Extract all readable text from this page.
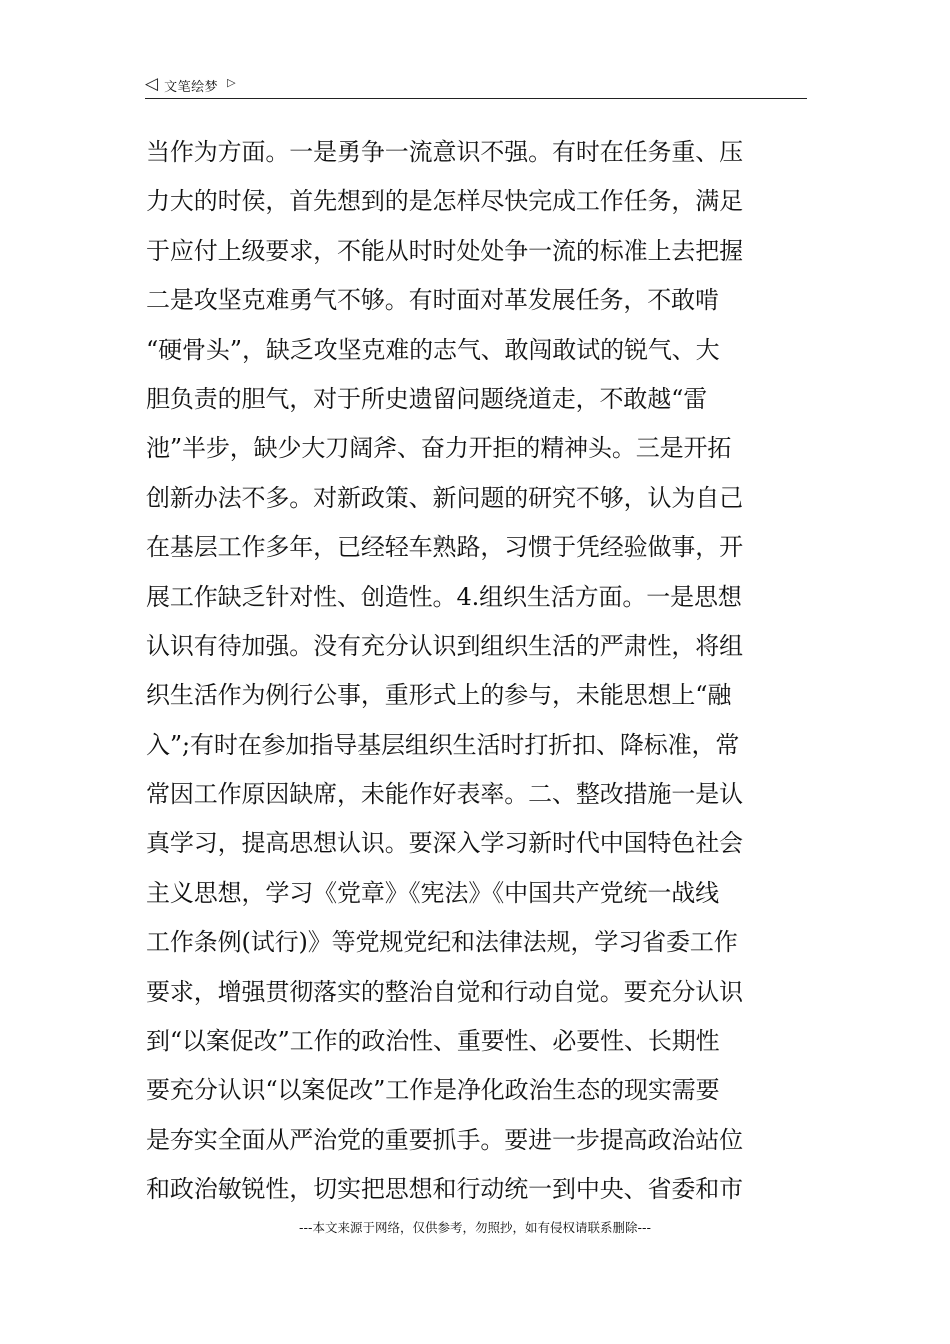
◁ 文笔绘梦 ▷
当作为方面。一是勇争一流意识不强。有时在任务重、压
力大的时侯，首先想到的是怎样尽快完成工作任务，满足
于应付上级要求，不能从时时处处争一流的标准上去把握
二是攻坚克难勇气不够。有时面对革发展任务，不敢啃
“硬骨头”，缺乏攻坚克难的志气、敢闯敢试的锐气、大
胆负责的胆气，对于所史遗留问题绕道走，不敢越“雷
池”半步，缺少大刀阔斧、奋力开拒的精神头。三是开拓
创新办法不多。对新政策、新问题的研究不够，认为自己
在基层工作多年，已经轻车熟路，习惯于凭经验做事，开
展工作缺乏针对性、创造性。4.组织生活方面。一是思想
认识有待加强。没有充分认识到组织生活的严肃性，将组
织生活作为例行公事，重形式上的参与，未能思想上“融
入”;有时在参加指导基层组织生活时打折扣、降标准，常
常因工作原因缺席，未能作好表率。二、整改措施一是认
真学习，提高思想认识。要深入学习新时代中国特色社会
主义思想，学习《党章》《宪法》《中国共产党统一战线
工作条例(试行)》等党规党纪和法律法规，学习省委工作
要求，增强贯彻落实的整治自觉和行动自觉。要充分认识
到“以案促改”工作的政治性、重要性、必要性、长期性
要充分认识“以案促改”工作是净化政治生态的现实需要
是夯实全面从严治党的重要抓手。要进一步提高政治站位
和政治敏锐性，切实把思想和行动统一到中央、省委和市
---本文来源于网络，仅供参考，勿照抄，如有侵权请联系删除---
